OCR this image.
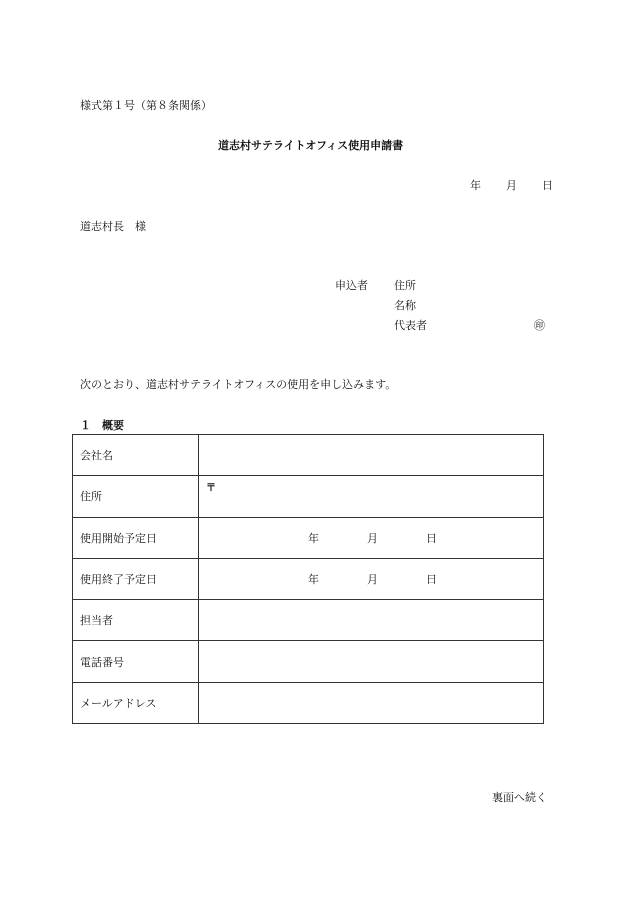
様式第１号（第８条関係）
道志村サテライトオフィス使用申請書
年 月 日
道志村長　様
申込者 住所
名称
代表者	㊞
次のとおり、道志村サテライトオフィスの使用を申し込みます。
１　概要
会社名	
住所	〒

使用開始予定日	年 月 日

使用終了予定日	年 月 日

担当者	
電話番号	
メールアドレス	
裏面へ続く
